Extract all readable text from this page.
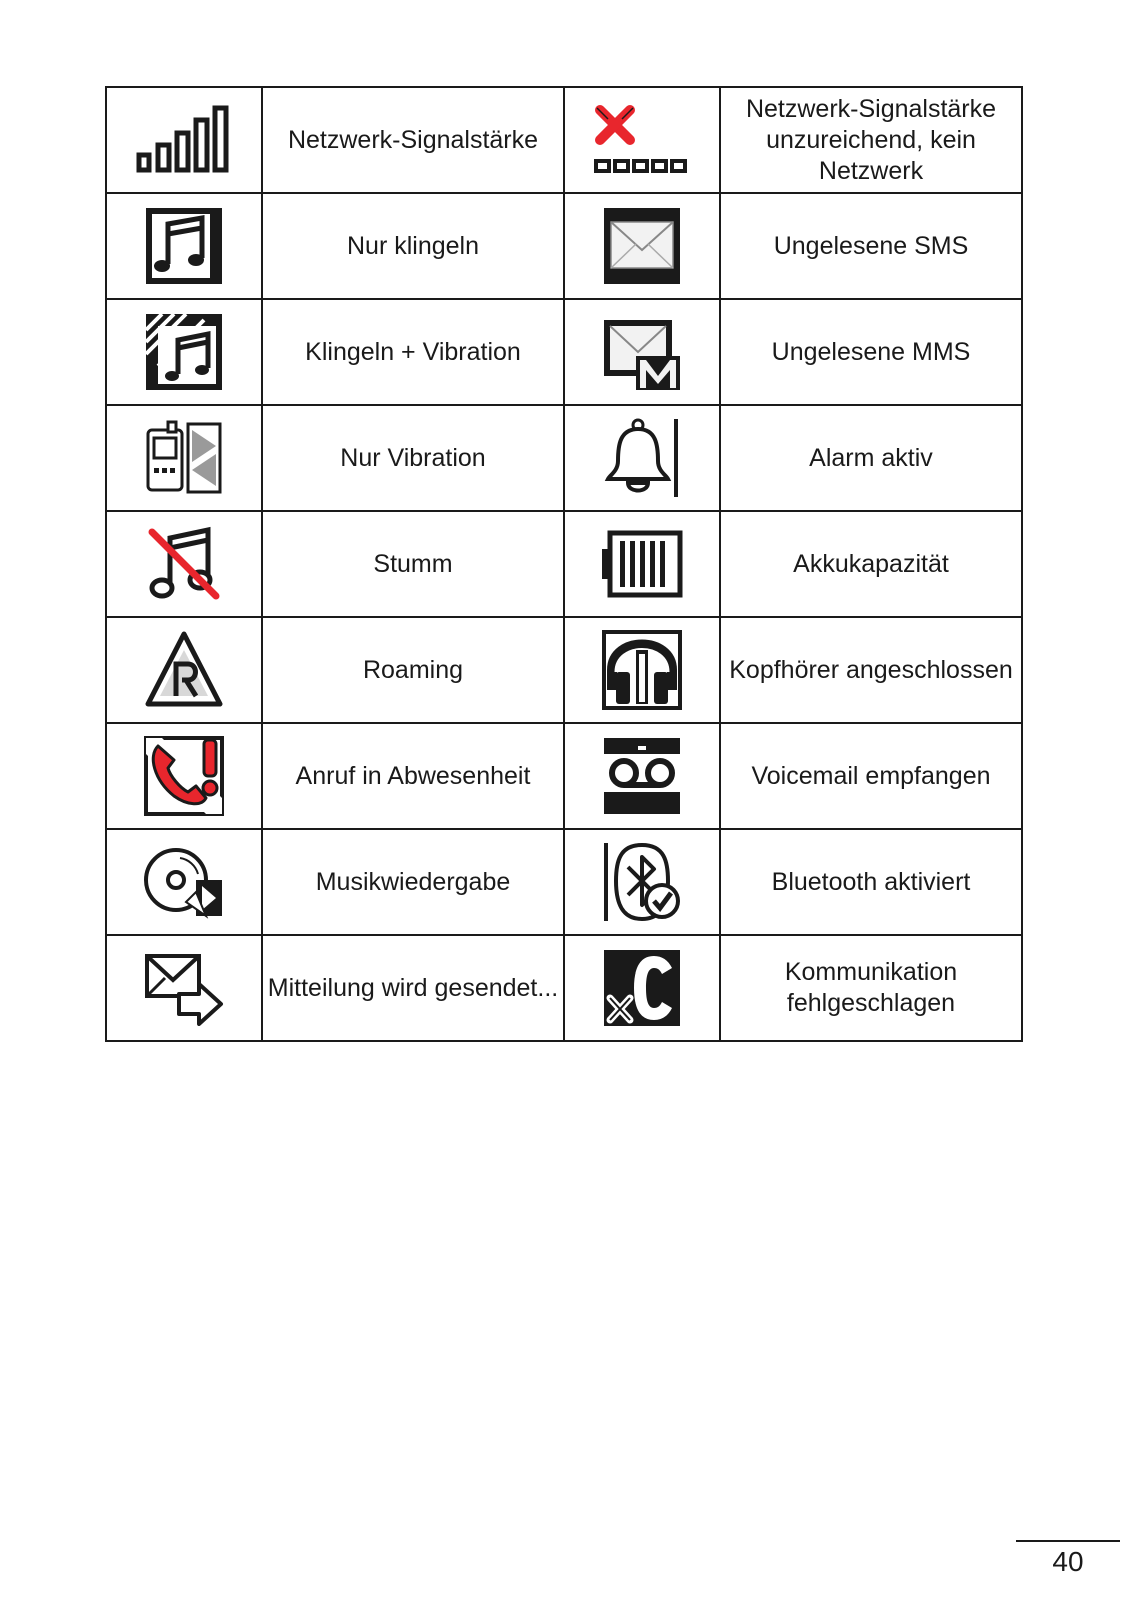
	Netzwerk-Signalstärke		Netzwerk-Signalstärke unzureichend, kein Netzwerk

	Nur klingeln		Ungelesene SMS

	Klingeln + Vibration		Ungelesene MMS

	Nur Vibration		Alarm aktiv

	Stumm		Akkukapazität

	Roaming		Kopfhörer angeschlossen

	Anruf in Abwesenheit		Voicemail empfangen

	Musikwiedergabe		Bluetooth aktiviert

	Mitteilung wird gesendet...		Kommunikation fehlgeschlagen
40
